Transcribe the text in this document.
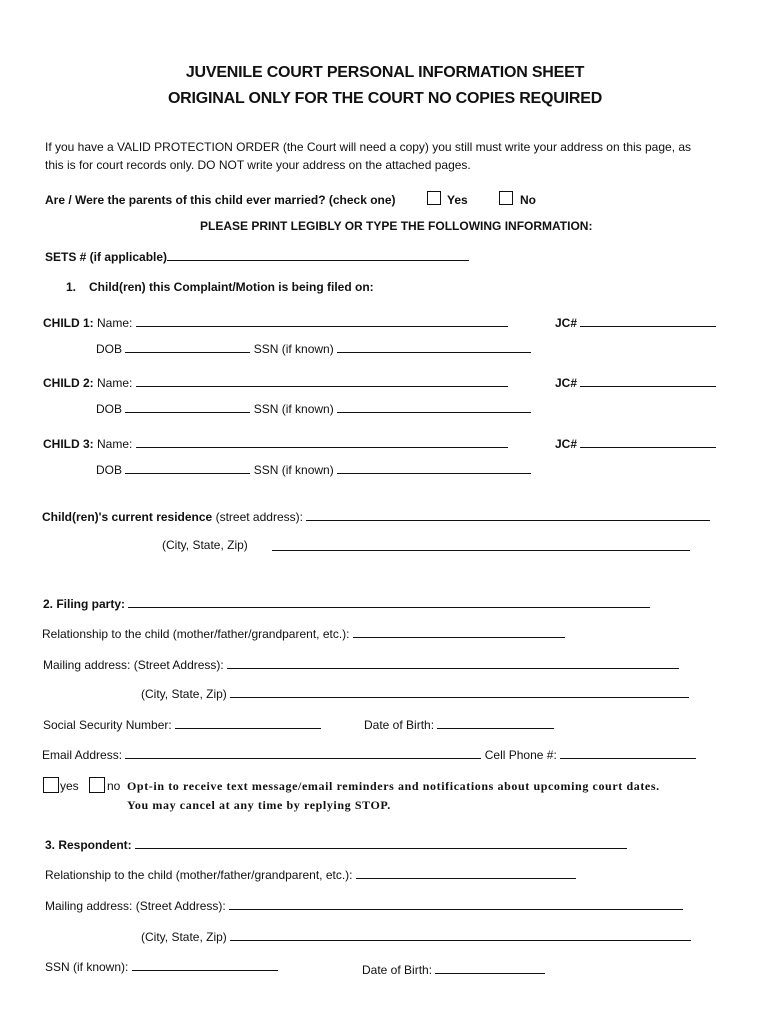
JUVENILE COURT PERSONAL INFORMATION SHEET
ORIGINAL ONLY FOR THE COURT NO COPIES REQUIRED
If you have a VALID PROTECTION ORDER (the Court will need a copy) you still must write your address on this page, as
this is for court records only. DO NOT write your address on the attached pages.
Are / Were the parents of this child ever married? (check one)	Yes	No
PLEASE PRINT LEGIBLY OR TYPE THE FOLLOWING INFORMATION:
SETS # (if applicable)
1. Child(ren) this Complaint/Motion is being filed on:
CHILD 1: Name:	JC#
DOB	SSN (if known)
CHILD 2: Name:	JC#
DOB	SSN (if known)
CHILD 3: Name:	JC#
DOB	SSN (if known)
Child(ren)'s current residence (street address):
(City, State, Zip)
2. Filing party:
Relationship to the child (mother/father/grandparent, etc.):
Mailing address: (Street Address):
(City, State, Zip)
Social Security Number:	Date of Birth:
Email Address:	Cell Phone #:
yes no Opt-in to receive text message/email reminders and notifications about upcoming court dates.
You may cancel at any time by replying STOP.
3. Respondent:
Relationship to the child (mother/father/grandparent, etc.):
Mailing address: (Street Address):
(City, State, Zip)
SSN (if known):	Date of Birth:
